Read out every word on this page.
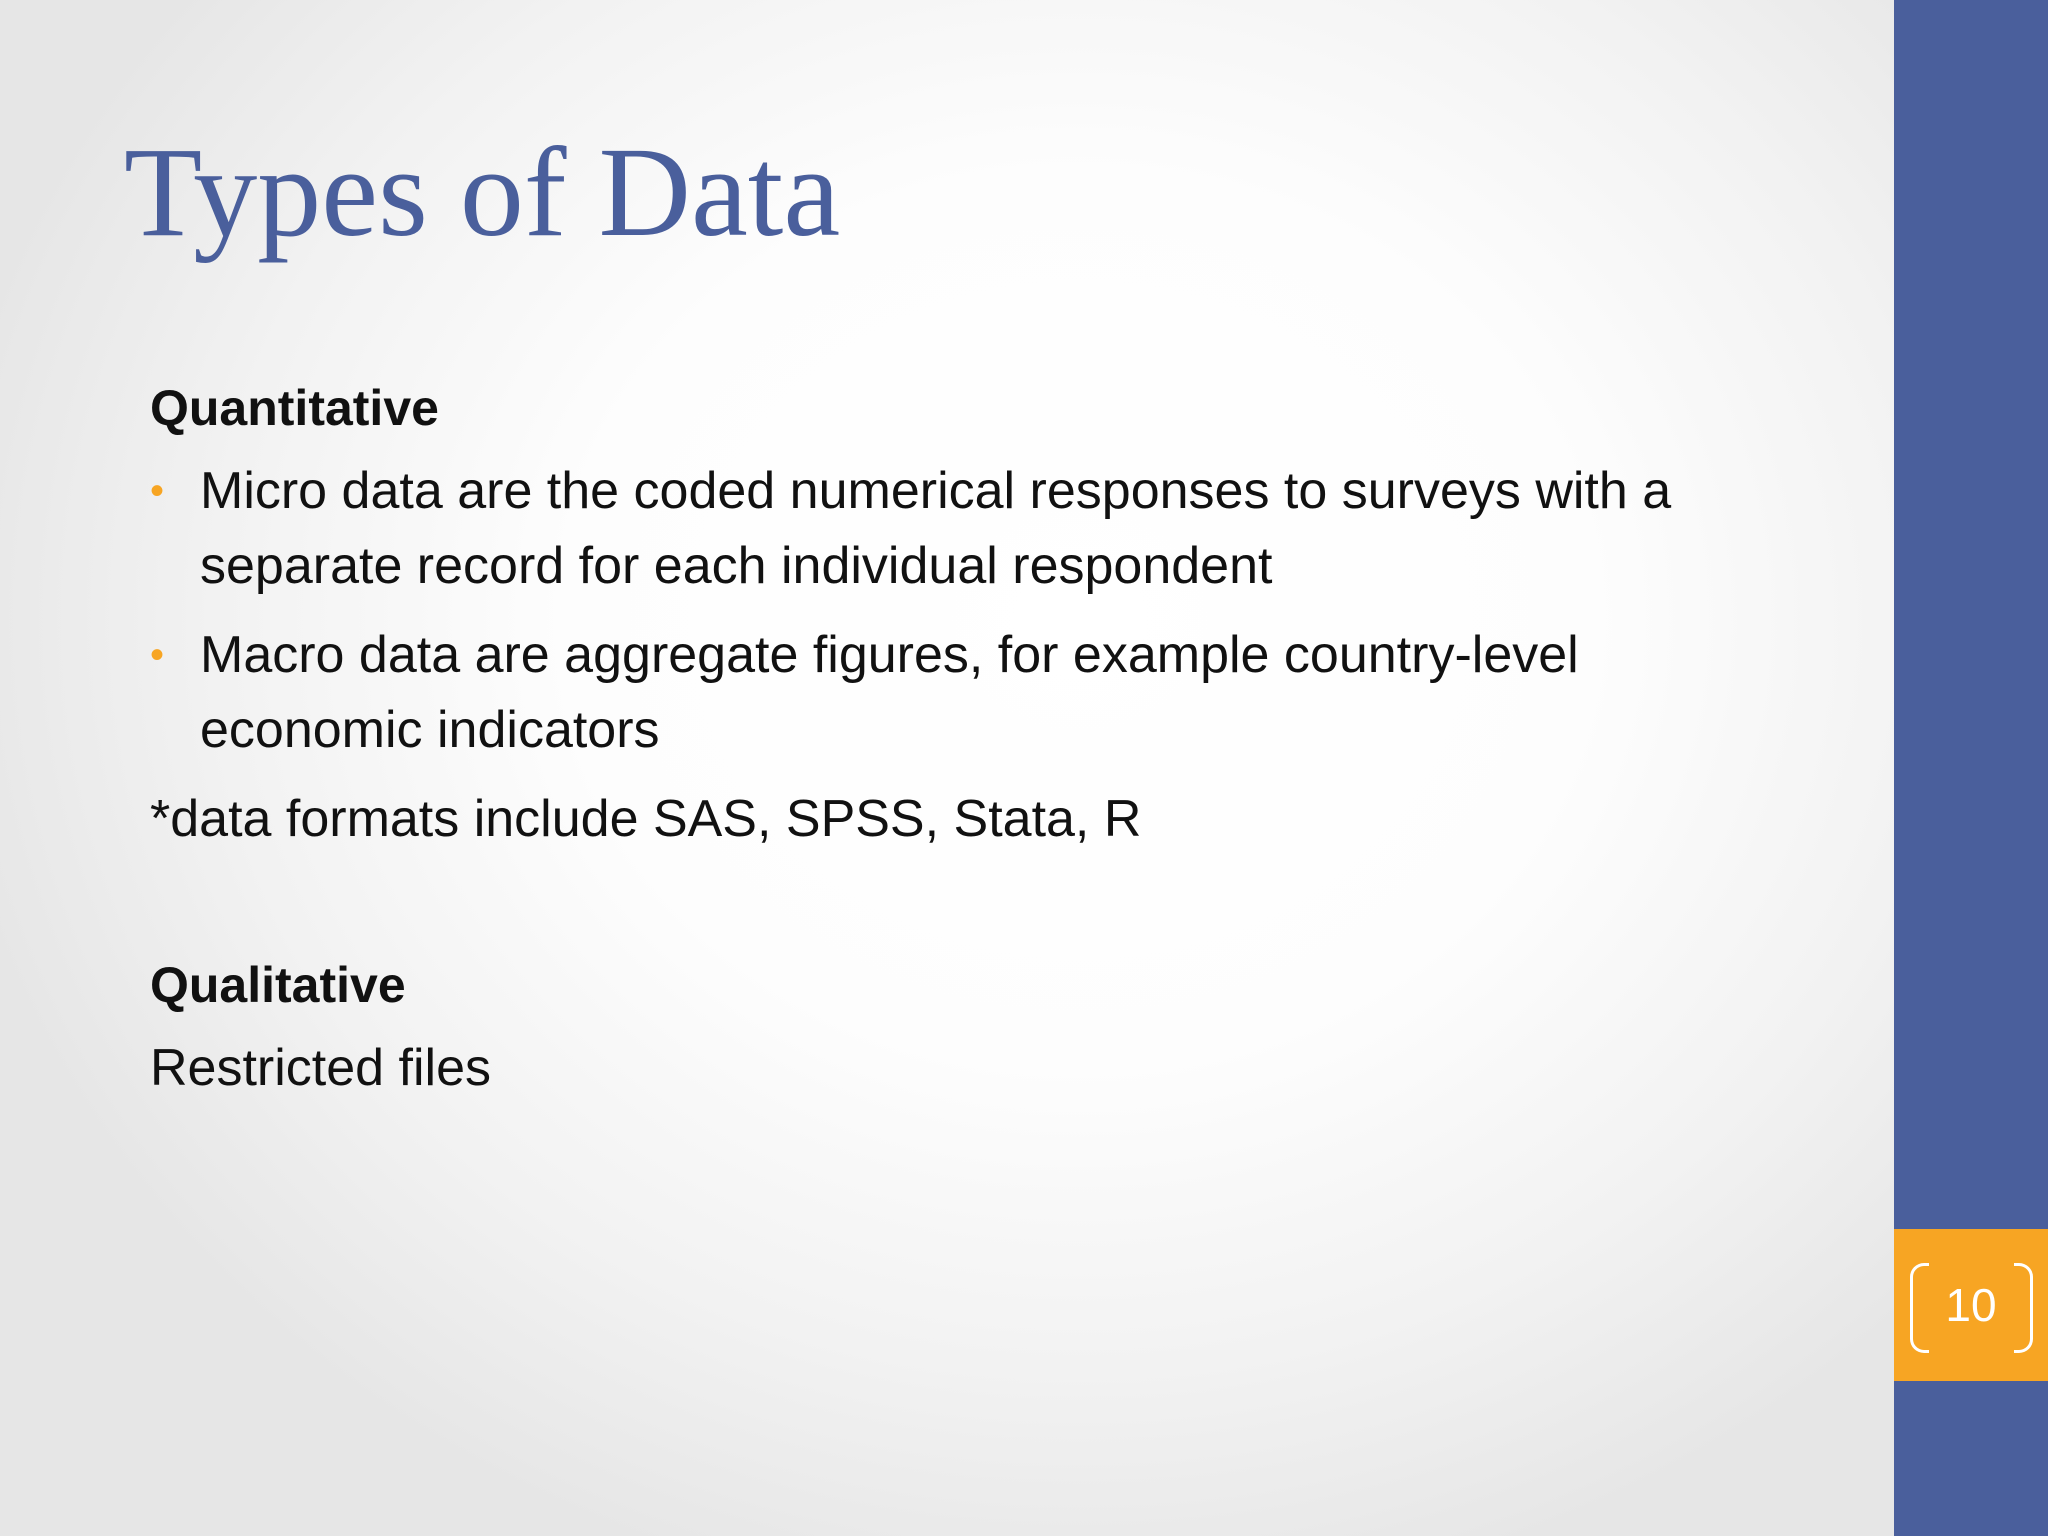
10
Types of Data
Quantitative
• Micro data are the coded numerical responses to surveys with a separate record for each individual respondent
• Macro data are aggregate figures, for example country-level economic indicators
*data formats include SAS, SPSS, Stata, R
Qualitative
Restricted files
